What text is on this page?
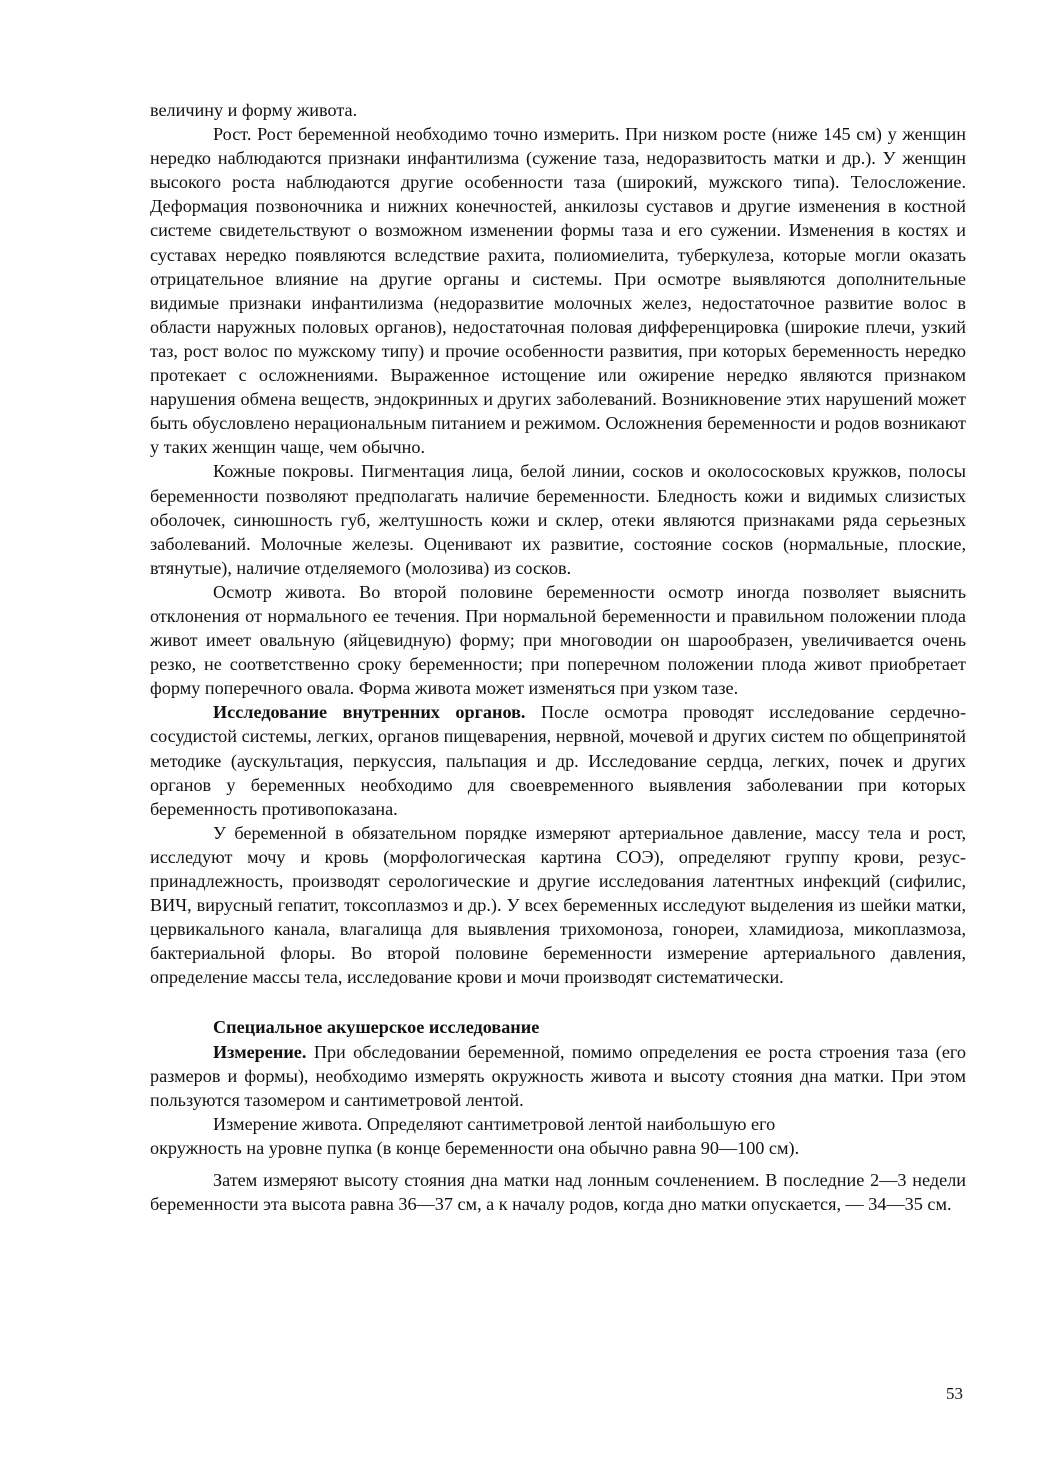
величину и форму живота.

Рост. Рост беременной необходимо точно измерить. При низком росте (ниже 145 см) у женщин нередко наблюдаются признаки инфантилизма (сужение таза, недоразвитость матки и др.). У женщин высокого роста наблюдаются другие особенности таза (широкий, мужского типа). Телосложение. Деформация позвоночника и нижних конечностей, анкилозы суставов и другие изменения в костной системе свидетельствуют о возможном изменении формы таза и его сужении. Изменения в костях и суставах нередко появляются вследствие рахита, полиомиелита, туберкулеза, которые могли оказать отрицательное влияние на другие органы и системы. При осмотре выявляются дополнительные видимые признаки инфантилизма (недоразвитие молочных желез, недостаточное развитие волос в области наружных половых органов), недостаточная половая дифференцировка (широкие плечи, узкий таз, рост волос по мужскому типу) и прочие особенности развития, при которых беременность нередко протекает с осложнениями. Выраженное истощение или ожирение нередко являются признаком нарушения обмена веществ, эндокринных и других заболеваний. Возникновение этих нарушений может быть обусловлено нерациональным питанием и режимом. Осложнения беременности и родов возникают у таких женщин чаще, чем обычно.

Кожные покровы. Пигментация лица, белой линии, сосков и околососковых кружков, полосы беременности позволяют предполагать наличие беременности. Бледность кожи и видимых слизистых оболочек, синюшность губ, желтушность кожи и склер, отеки являются признаками ряда серьезных заболеваний. Молочные железы. Оценивают их развитие, состояние сосков (нормальные, плоские, втянутые), наличие отделяемого (молозива) из сосков.

Осмотр живота. Во второй половине беременности осмотр иногда позволяет выяснить отклонения от нормального ее течения. При нормальной беременности и правильном положении плода живот имеет овальную (яйцевидную) форму; при многоводии он шарообразен, увеличивается очень резко, не соответственно сроку беременности; при поперечном положении плода живот приобретает форму поперечного овала. Форма живота может изменяться при узком тазе.

Исследование внутренних органов. После осмотра проводят исследование сердечно-сосудистой системы, легких, органов пищеварения, нервной, мочевой и других систем по общепринятой методике (аускультация, перкуссия, пальпация и др. Исследование сердца, легких, почек и других органов у беременных необходимо для своевременного выявления заболевании при которых беременность противопоказана.

У беременной в обязательном порядке измеряют артериальное давление, массу тела и рост, исследуют мочу и кровь (морфологическая картина СОЭ), определяют группу крови, резус-принадлежность, производят серологические и другие исследования латентных инфекций (сифилис, ВИЧ, вирусный гепатит, токсоплазмоз и др.). У всех беременных исследуют выделения из шейки матки, цервикального канала, влагалища для выявления трихомоноза, гонореи, хламидиоза, микоплазмоза, бактериальной флоры. Во второй половине беременности измерение артериального давления, определение массы тела, исследование крови и мочи производят систематически.

Специальное акушерское исследование

Измерение. При обследовании беременной, помимо определения ее роста строения таза (его размеров и формы), необходимо измерять окружность живота и высоту стояния дна матки. При этом пользуются тазомером и сантиметровой лентой.

Измерение живота. Определяют сантиметровой лентой наибольшую его

окружность на уровне пупка (в конце беременности она обычно равна 90—100 см).

Затем измеряют высоту стояния дна матки над лонным сочленением. В последние 2—3 недели беременности эта высота равна 36—37 см, а к началу родов, когда дно матки опускается, — 34—35 см.

53
